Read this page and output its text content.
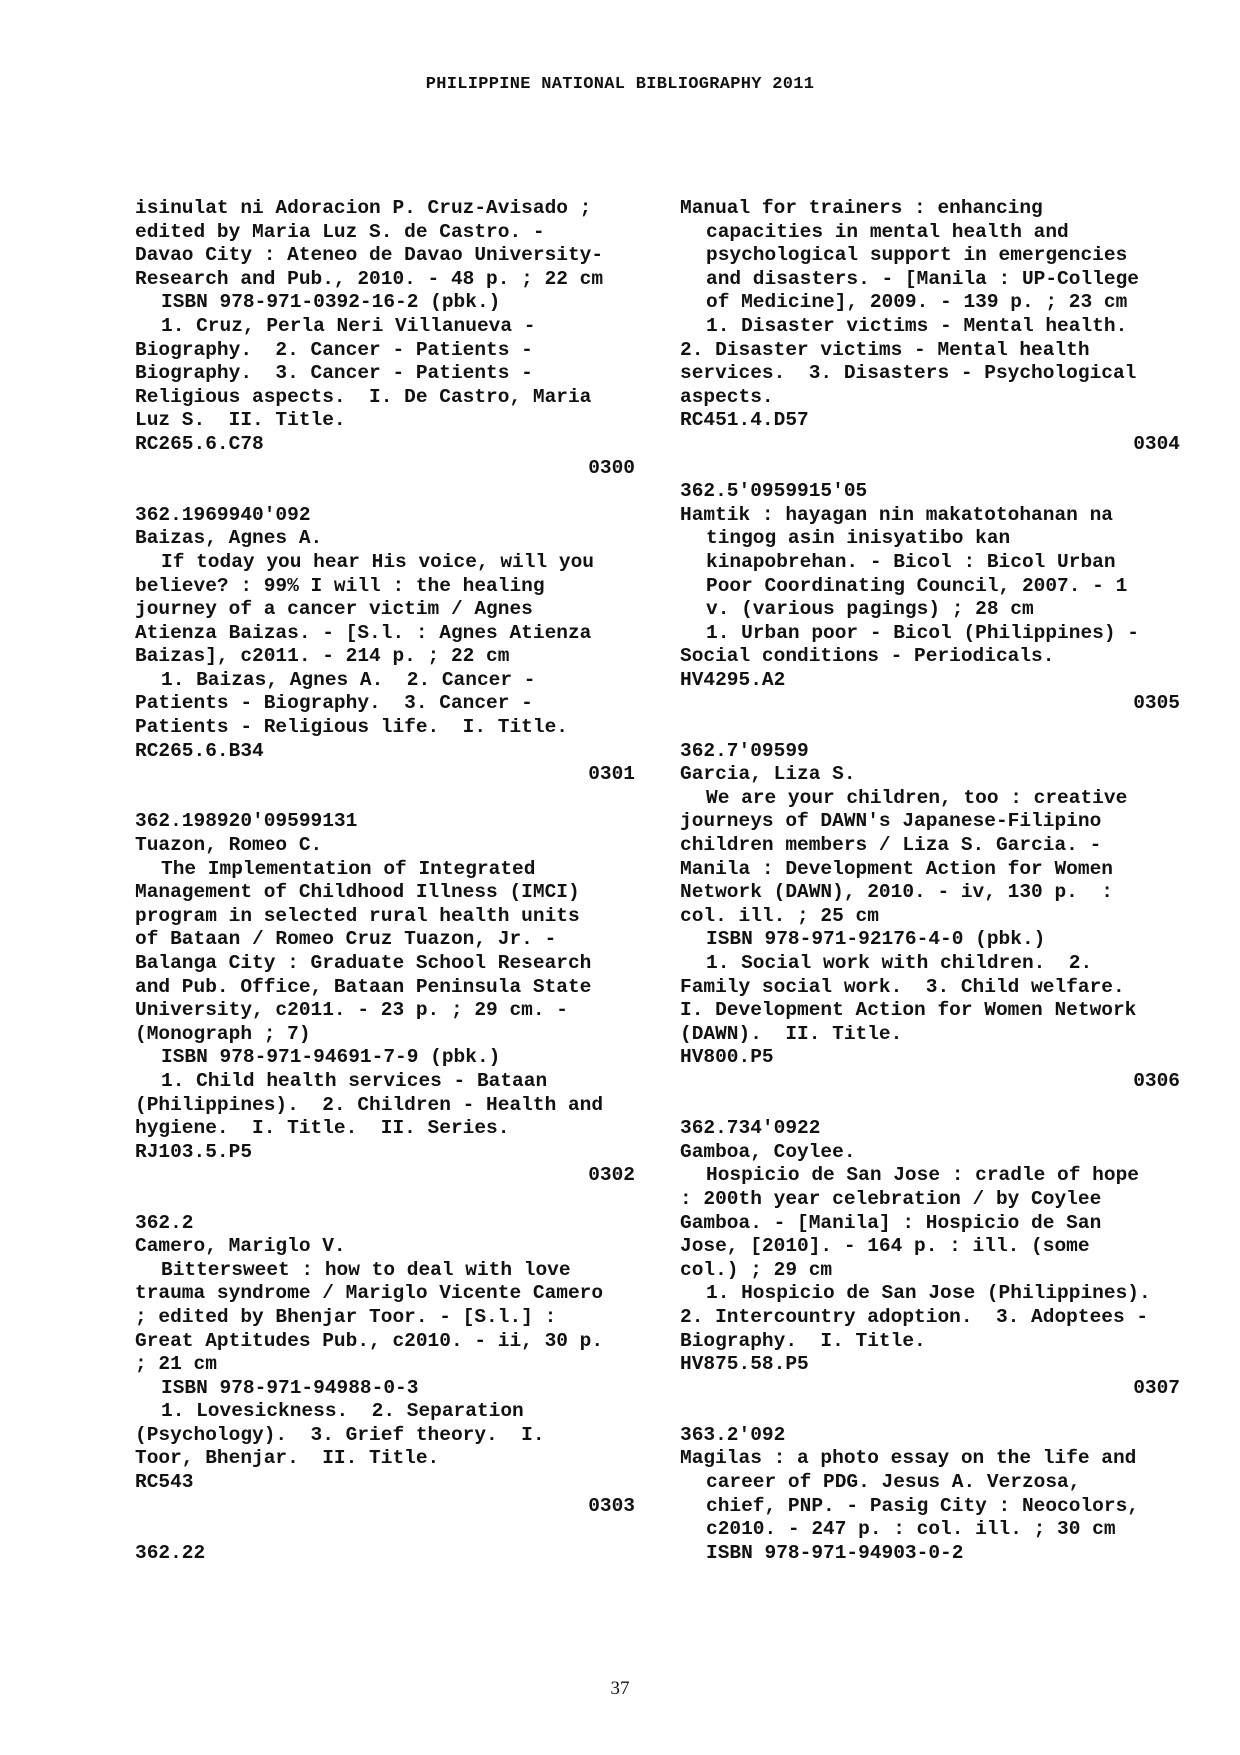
PHILIPPINE NATIONAL BIBLIOGRAPHY 2011
isinulat ni Adoracion P. Cruz-Avisado ;
edited by Maria Luz S. de Castro. -
Davao City : Ateneo de Davao University-
Research and Pub., 2010. - 48 p. ; 22 cm
ISBN 978-971-0392-16-2 (pbk.)
1. Cruz, Perla Neri Villanueva -
Biography.  2. Cancer - Patients -
Biography.  3. Cancer - Patients -
Religious aspects.  I. De Castro, Maria
Luz S.  II. Title.
RC265.6.C78
0300
362.1969940'092
Baizas, Agnes A.
If today you hear His voice, will you
believe? : 99% I will : the healing
journey of a cancer victim / Agnes
Atienza Baizas. - [S.l. : Agnes Atienza
Baizas], c2011. - 214 p. ; 22 cm
1. Baizas, Agnes A.  2. Cancer -
Patients - Biography.  3. Cancer -
Patients - Religious life.  I. Title.
RC265.6.B34
0301
362.198920'09599131
Tuazon, Romeo C.
The Implementation of Integrated
Management of Childhood Illness (IMCI)
program in selected rural health units
of Bataan / Romeo Cruz Tuazon, Jr. -
Balanga City : Graduate School Research
and Pub. Office, Bataan Peninsula State
University, c2011. - 23 p. ; 29 cm. -
(Monograph ; 7)
ISBN 978-971-94691-7-9 (pbk.)
1. Child health services - Bataan
(Philippines).  2. Children - Health and
hygiene.  I. Title.  II. Series.
RJ103.5.P5
0302
362.2
Camero, Mariglo V.
Bittersweet : how to deal with love
trauma syndrome / Mariglo Vicente Camero
; edited by Bhenjar Toor. - [S.l.] :
Great Aptitudes Pub., c2010. - ii, 30 p.
; 21 cm
ISBN 978-971-94988-0-3
1. Lovesickness.  2. Separation
(Psychology).  3. Grief theory.  I.
Toor, Bhenjar.  II. Title.
RC543
0303
362.22
Manual for trainers : enhancing
capacities in mental health and
psychological support in emergencies
and disasters. - [Manila : UP-College
of Medicine], 2009. - 139 p. ; 23 cm
1. Disaster victims - Mental health.
2. Disaster victims - Mental health
services.  3. Disasters - Psychological
aspects.
RC451.4.D57
0304
362.5'0959915'05
Hamtik : hayagan nin makatotohanan na
tingog asin inisyatibo kan
kinapobrehan. - Bicol : Bicol Urban
Poor Coordinating Council, 2007. - 1
v. (various pagings) ; 28 cm
1. Urban poor - Bicol (Philippines) -
Social conditions - Periodicals.
HV4295.A2
0305
362.7'09599
Garcia, Liza S.
We are your children, too : creative
journeys of DAWN's Japanese-Filipino
children members / Liza S. Garcia. -
Manila : Development Action for Women
Network (DAWN), 2010. - iv, 130 p.  :
col. ill. ; 25 cm
ISBN 978-971-92176-4-0 (pbk.)
1. Social work with children.  2.
Family social work.  3. Child welfare.
I. Development Action for Women Network
(DAWN).  II. Title.
HV800.P5
0306
362.734'0922
Gamboa, Coylee.
Hospicio de San Jose : cradle of hope
: 200th year celebration / by Coylee
Gamboa. - [Manila] : Hospicio de San
Jose, [2010]. - 164 p. : ill. (some
col.) ; 29 cm
1. Hospicio de San Jose (Philippines).
2. Intercountry adoption.  3. Adoptees -
Biography.  I. Title.
HV875.58.P5
0307
363.2'092
Magilas : a photo essay on the life and
career of PDG. Jesus A. Verzosa,
chief, PNP. - Pasig City : Neocolors,
c2010. - 247 p. : col. ill. ; 30 cm
ISBN 978-971-94903-0-2
37
